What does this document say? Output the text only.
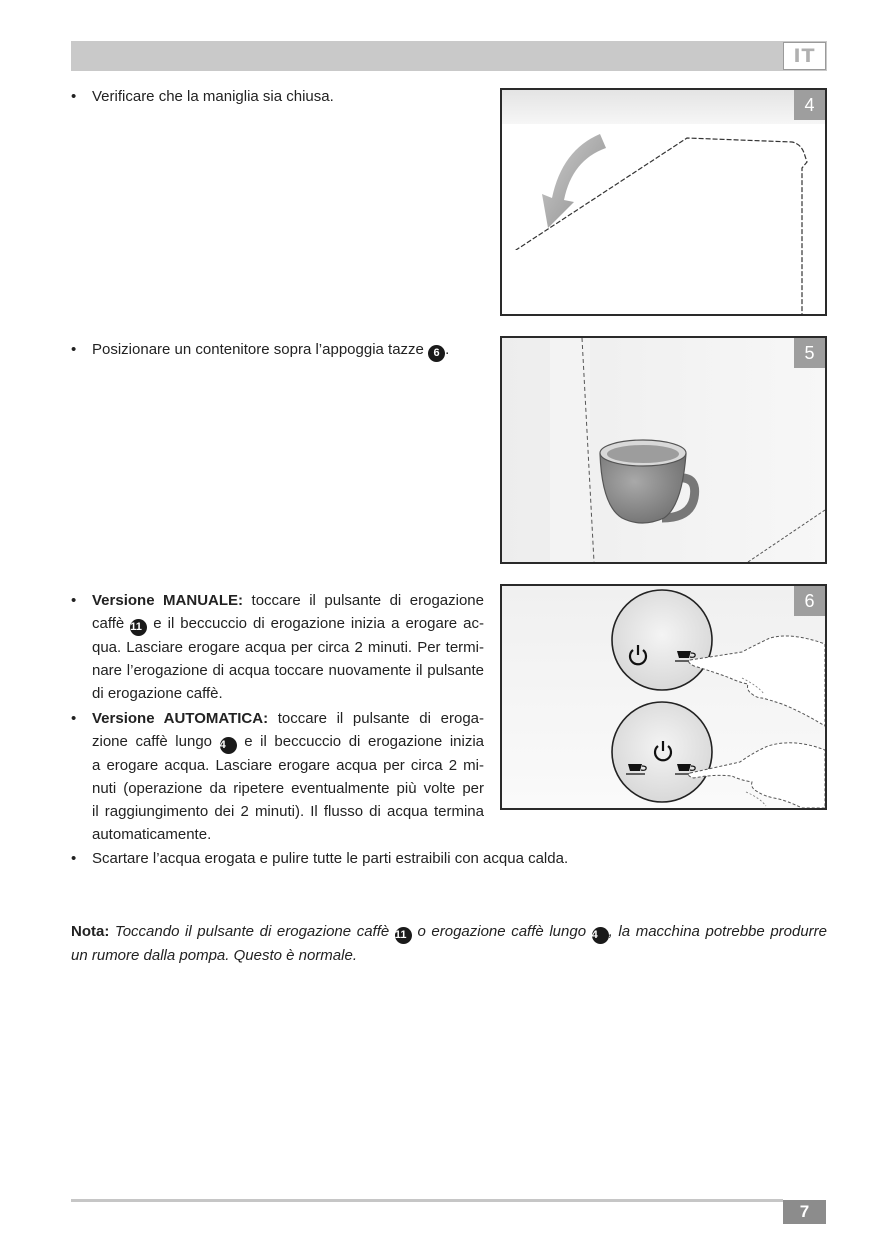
IT
• Verificare che la maniglia sia chiusa.	4
• Posizionare un contenitore sopra l’appoggia tazze 6 .	5
• Versione MANUALE: toccare il pulsante di erogazione
caffè 11 e il beccuccio di erogazione inizia a erogare ac-
qua. Lasciare erogare acqua per circa 2 minuti. Per termi-
nare l’erogazione di acqua toccare nuovamente il pulsante
di erogazione caffè.
• Versione AUTOMATICA: toccare il pulsante di eroga-
zione caffè lungo 4 e il beccuccio di erogazione inizia
a erogare acqua. Lasciare erogare acqua per circa 2 mi-
nuti (operazione da ripetere eventualmente più volte per
il raggiungimento dei 2 minuti). Il flusso di acqua termina
automaticamente.
6
• Scartare l’acqua erogata e pulire tutte le parti estraibili con acqua calda.
Nota: Toccando il pulsante di erogazione caffè 11 o erogazione caffè lungo 4 , la macchina potrebbe produrre
un rumore dalla pompa. Questo è normale.
7
